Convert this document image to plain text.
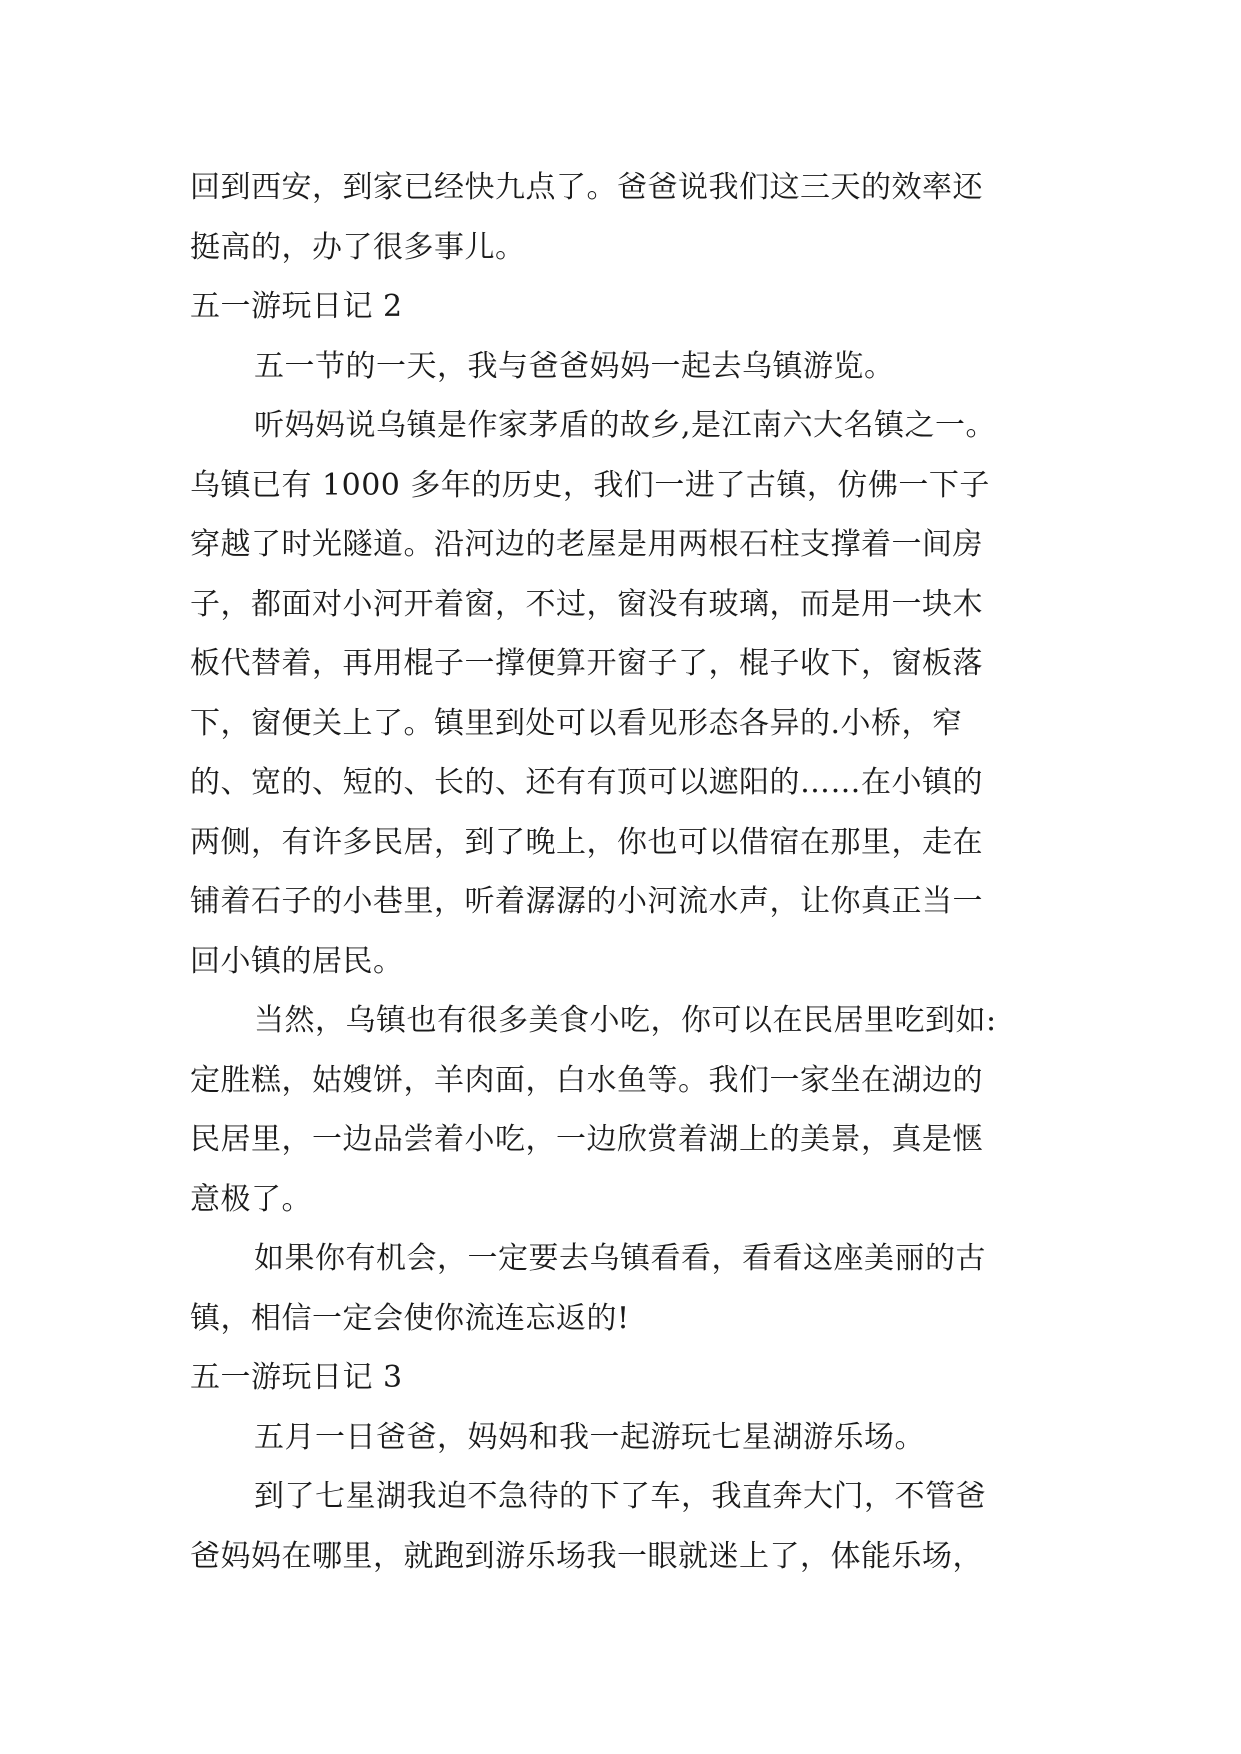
回到西安，到家已经快九点了。爸爸说我们这三天的效率还
挺高的，办了很多事儿。
五一游玩日记 2
五一节的一天，我与爸爸妈妈一起去乌镇游览。
听妈妈说乌镇是作家茅盾的故乡,是江南六大名镇之一。
乌镇已有 1000 多年的历史，我们一进了古镇，仿佛一下子
穿越了时光隧道。沿河边的老屋是用两根石柱支撑着一间房
子，都面对小河开着窗，不过，窗没有玻璃，而是用一块木
板代替着，再用棍子一撑便算开窗子了，棍子收下，窗板落
下，窗便关上了。镇里到处可以看见形态各异的.小桥，窄
的、宽的、短的、长的、还有有顶可以遮阳的……在小镇的
两侧，有许多民居，到了晚上，你也可以借宿在那里，走在
铺着石子的小巷里，听着潺潺的小河流水声，让你真正当一
回小镇的居民。
当然，乌镇也有很多美食小吃，你可以在民居里吃到如:
定胜糕，姑嫂饼，羊肉面，白水鱼等。我们一家坐在湖边的
民居里，一边品尝着小吃，一边欣赏着湖上的美景，真是惬
意极了。
如果你有机会，一定要去乌镇看看，看看这座美丽的古
镇，相信一定会使你流连忘返的!
五一游玩日记 3
五月一日爸爸，妈妈和我一起游玩七星湖游乐场。
到了七星湖我迫不急待的下了车，我直奔大门，不管爸
爸妈妈在哪里，就跑到游乐场我一眼就迷上了，体能乐场，
